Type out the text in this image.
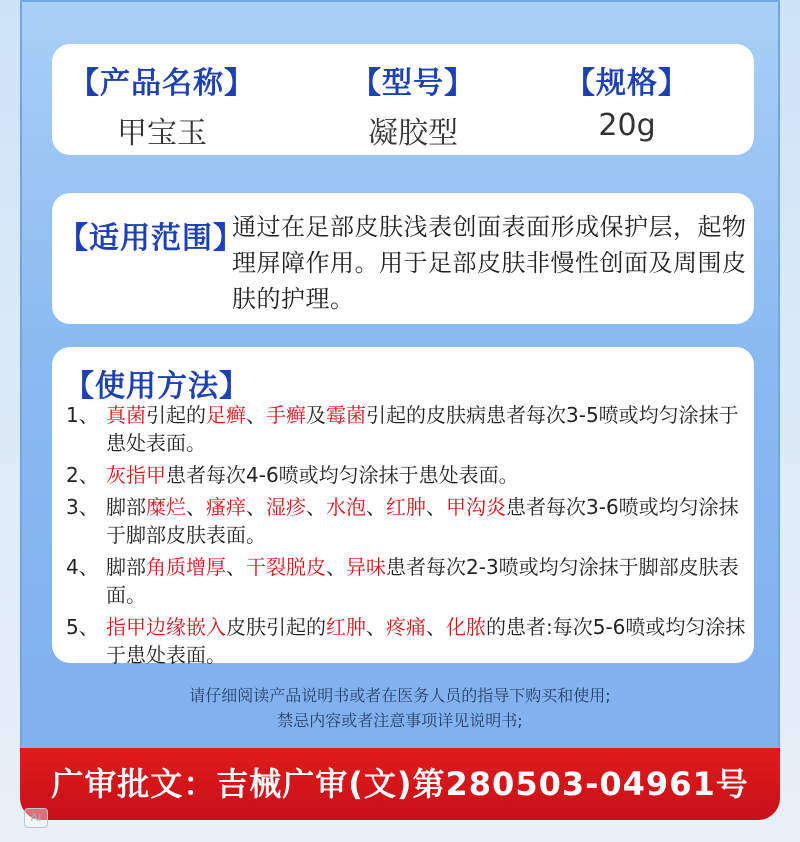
【产品名称】
甲宝玉
【型号】
凝胶型
【规格】
20g
【适用范围】
通过在足部皮肤浅表创面表面形成保护层，起物理屏障作用。用于足部皮肤非慢性创面及周围皮肤的护理。
【使用方法】
1、 真菌引起的足癣、手癣及霉菌引起的皮肤病患者每次3-5喷或均匀涂抹于患处表面。
2、 灰指甲患者每次4-6喷或均匀涂抹于患处表面。
3、 脚部糜烂、瘙痒、湿疹、水泡、红肿、甲沟炎患者每次3-6喷或均匀涂抹于脚部皮肤表面。
4、 脚部角质增厚、干裂脱皮、异味患者每次2-3喷或均匀涂抹于脚部皮肤表面。
5、 指甲边缘嵌入皮肤引起的红肿、疼痛、化脓的患者:每次5-6喷或均匀涂抹于患处表面。
请仔细阅读产品说明书或者在医务人员的指导下购买和使用;
禁忌内容或者注意事项详见说明书;
广审批文：吉械广审(文)第280503-04961号
AI
